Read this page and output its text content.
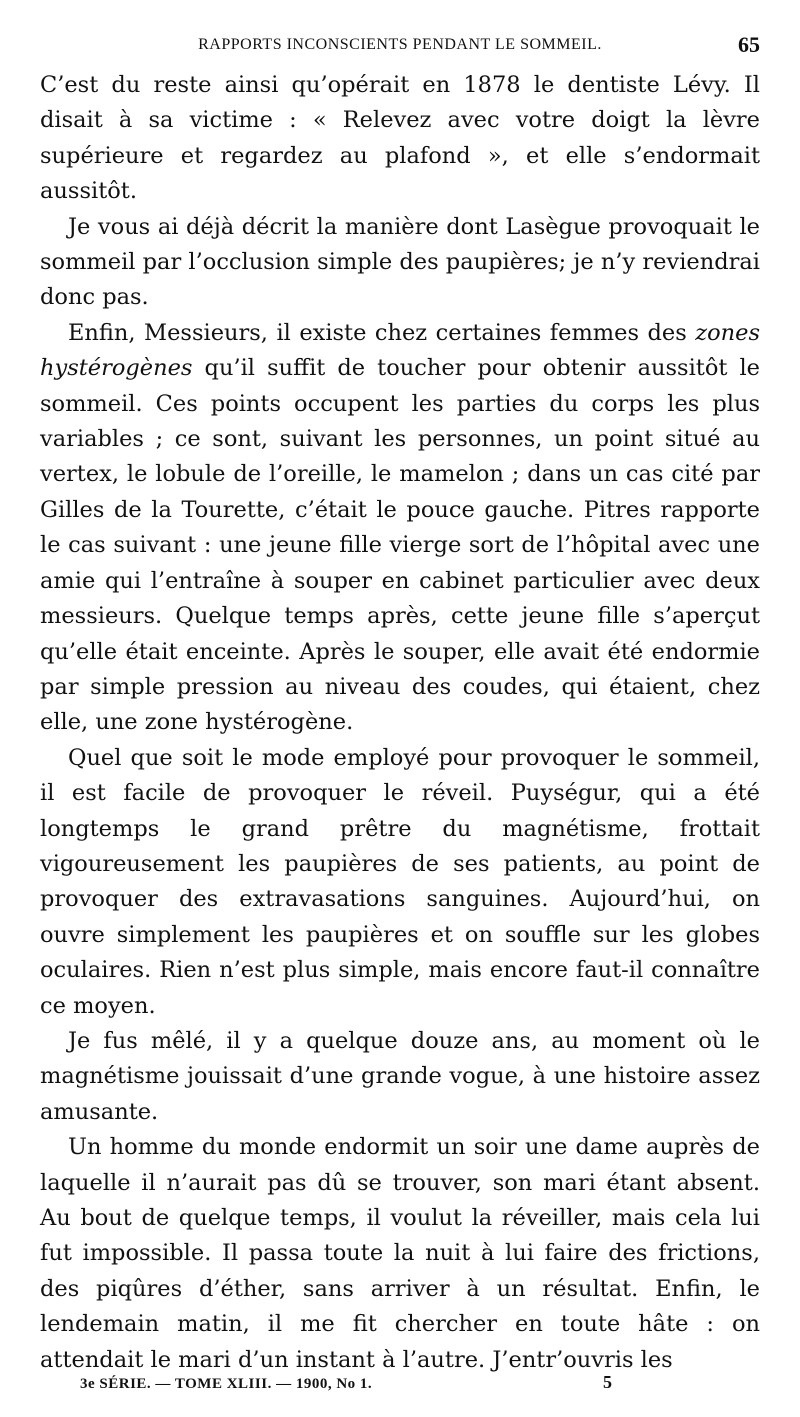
RAPPORTS INCONSCIENTS PENDANT LE SOMMEIL.	65

C’est du reste ainsi qu’opérait en 1878 le dentiste Lévy. Il disait à sa victime : « Relevez avec votre doigt la lèvre supérieure et regardez au plafond », et elle s’endormait aussitôt.

Je vous ai déjà décrit la manière dont Lasègue provoquait le sommeil par l’occlusion simple des paupières; je n’y reviendrai donc pas.

Enfin, Messieurs, il existe chez certaines femmes des zones hystérogènes qu’il suffit de toucher pour obtenir aussitôt le sommeil. Ces points occupent les parties du corps les plus variables ; ce sont, suivant les personnes, un point situé au vertex, le lobule de l’oreille, le mamelon ; dans un cas cité par Gilles de la Tourette, c’était le pouce gauche. Pitres rapporte le cas suivant : une jeune fille vierge sort de l’hôpital avec une amie qui l’entraîne à souper en cabinet particulier avec deux messieurs. Quelque temps après, cette jeune fille s’aperçut qu’elle était enceinte. Après le souper, elle avait été endormie par simple pression au niveau des coudes, qui étaient, chez elle, une zone hystérogène.

Quel que soit le mode employé pour provoquer le sommeil, il est facile de provoquer le réveil. Puységur, qui a été longtemps le grand prêtre du magnétisme, frottait vigoureusement les paupières de ses patients, au point de provoquer des extravasations sanguines. Aujourd’hui, on ouvre simplement les paupières et on souffle sur les globes oculaires. Rien n’est plus simple, mais encore faut-il connaître ce moyen.

Je fus mêlé, il y a quelque douze ans, au moment où le magnétisme jouissait d’une grande vogue, à une histoire assez amusante.

Un homme du monde endormit un soir une dame auprès de laquelle il n’aurait pas dû se trouver, son mari étant absent. Au bout de quelque temps, il voulut la réveiller, mais cela lui fut impossible. Il passa toute la nuit à lui faire des frictions, des piqûres d’éther, sans arriver à un résultat. Enfin, le lendemain matin, il me fit chercher en toute hâte : on attendait le mari d’un instant à l’autre. J’entr’ouvris les

3e SÉRIE. — TOME XLIII. — 1900, No 1.	5
